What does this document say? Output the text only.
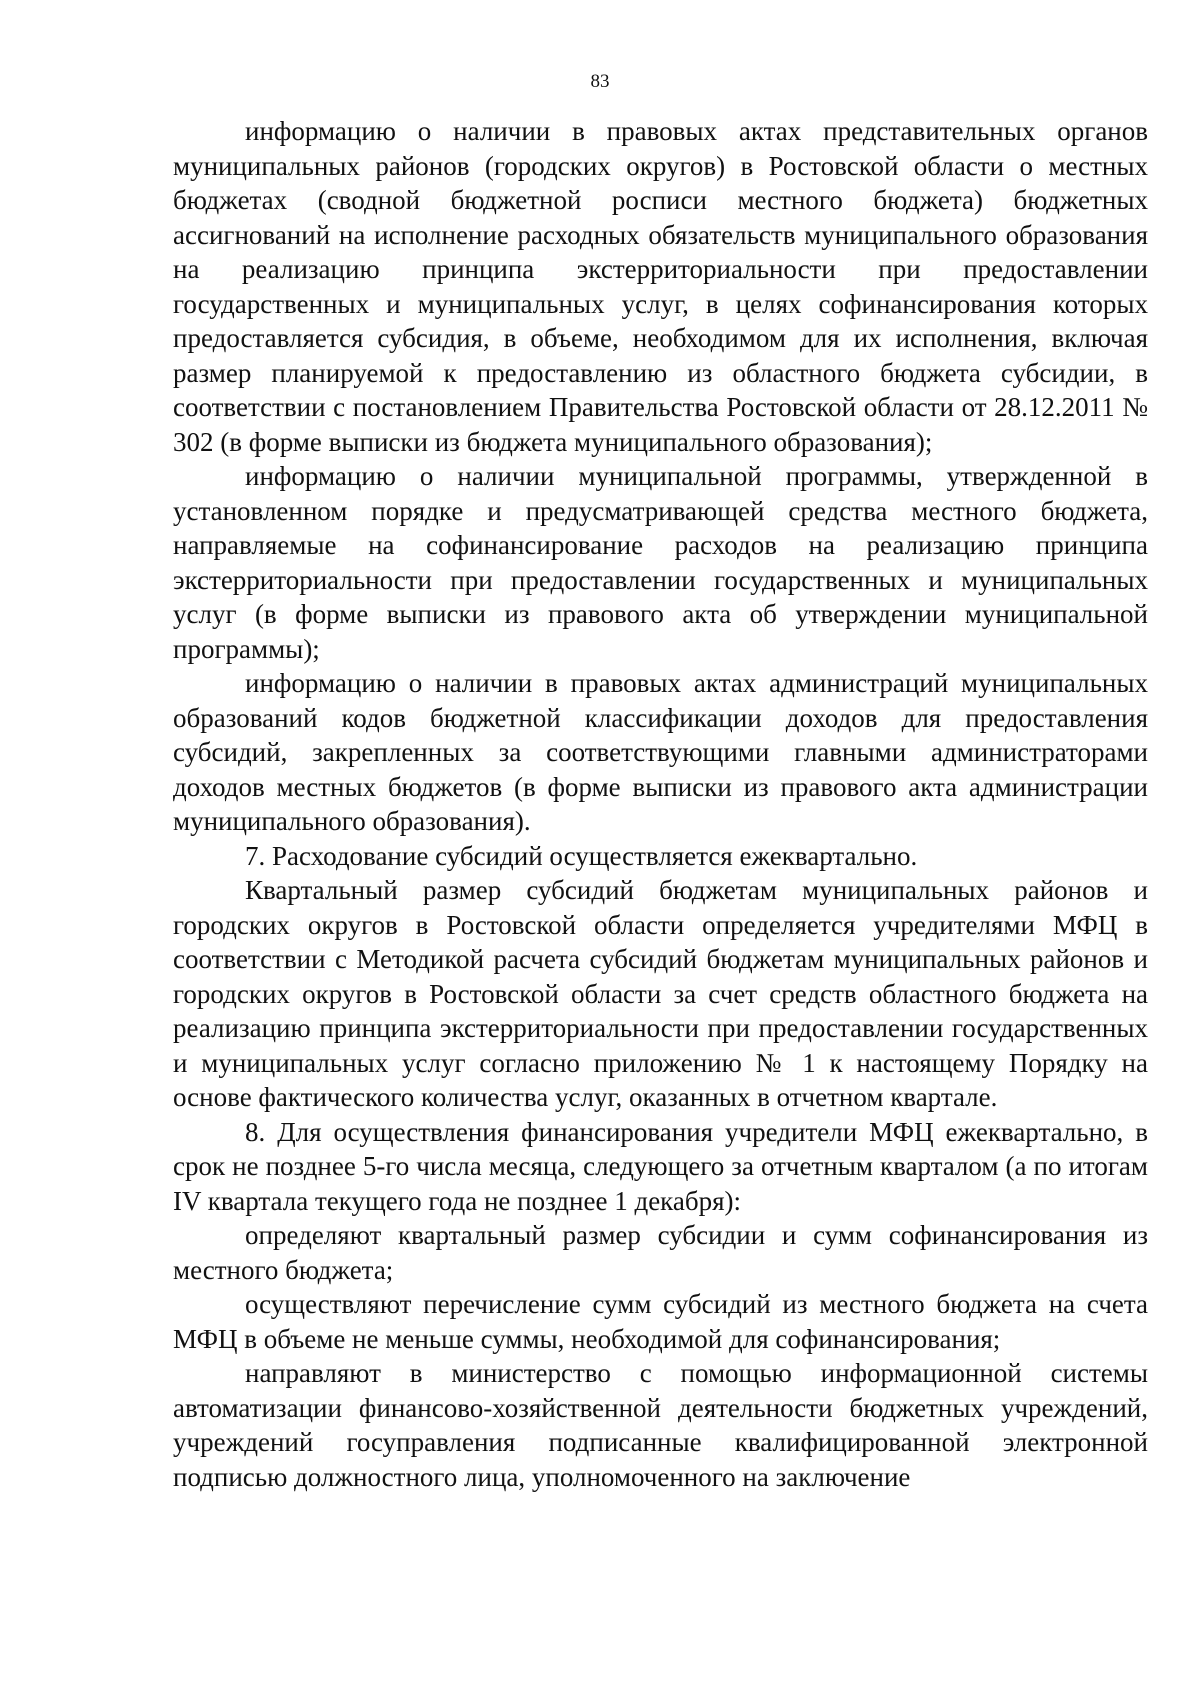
83

информацию о наличии в правовых актах представительных органов муниципальных районов (городских округов) в Ростовской области о местных бюджетах (сводной бюджетной росписи местного бюджета) бюджетных ассигнований на исполнение расходных обязательств муниципального образования на реализацию принципа экстерриториальности при предоставлении государственных и муниципальных услуг, в целях софинансирования которых предоставляется субсидия, в объеме, необходимом для их исполнения, включая размер планируемой к предоставлению из областного бюджета субсидии, в соответствии с постановлением Правительства Ростовской области от 28.12.2011 № 302 (в форме выписки из бюджета муниципального образования);

информацию о наличии муниципальной программы, утвержденной в установленном порядке и предусматривающей средства местного бюджета, направляемые на софинансирование расходов на реализацию принципа экстерриториальности при предоставлении государственных и муниципальных услуг (в форме выписки из правового акта об утверждении муниципальной программы);

информацию о наличии в правовых актах администраций муниципальных образований кодов бюджетной классификации доходов для предоставления субсидий, закрепленных за соответствующими главными администраторами доходов местных бюджетов (в форме выписки из правового акта администрации муниципального образования).

7. Расходование субсидий осуществляется ежеквартально.

Квартальный размер субсидий бюджетам муниципальных районов и городских округов в Ростовской области определяется учредителями МФЦ в соответствии с Методикой расчета субсидий бюджетам муниципальных районов и городских округов в Ростовской области за счет средств областного бюджета на реализацию принципа экстерриториальности при предоставлении государственных и муниципальных услуг согласно приложению № 1 к настоящему Порядку на основе фактического количества услуг, оказанных в отчетном квартале.

8. Для осуществления финансирования учредители МФЦ ежеквартально, в срок не позднее 5-го числа месяца, следующего за отчетным кварталом (а по итогам IV квартала текущего года не позднее 1 декабря):

определяют квартальный размер субсидии и сумм софинансирования из местного бюджета;

осуществляют перечисление сумм субсидий из местного бюджета на счета МФЦ в объеме не меньше суммы, необходимой для софинансирования;

направляют в министерство с помощью информационной системы автоматизации финансово-хозяйственной деятельности бюджетных учреждений, учреждений госуправления подписанные квалифицированной электронной подписью должностного лица, уполномоченного на заключение
